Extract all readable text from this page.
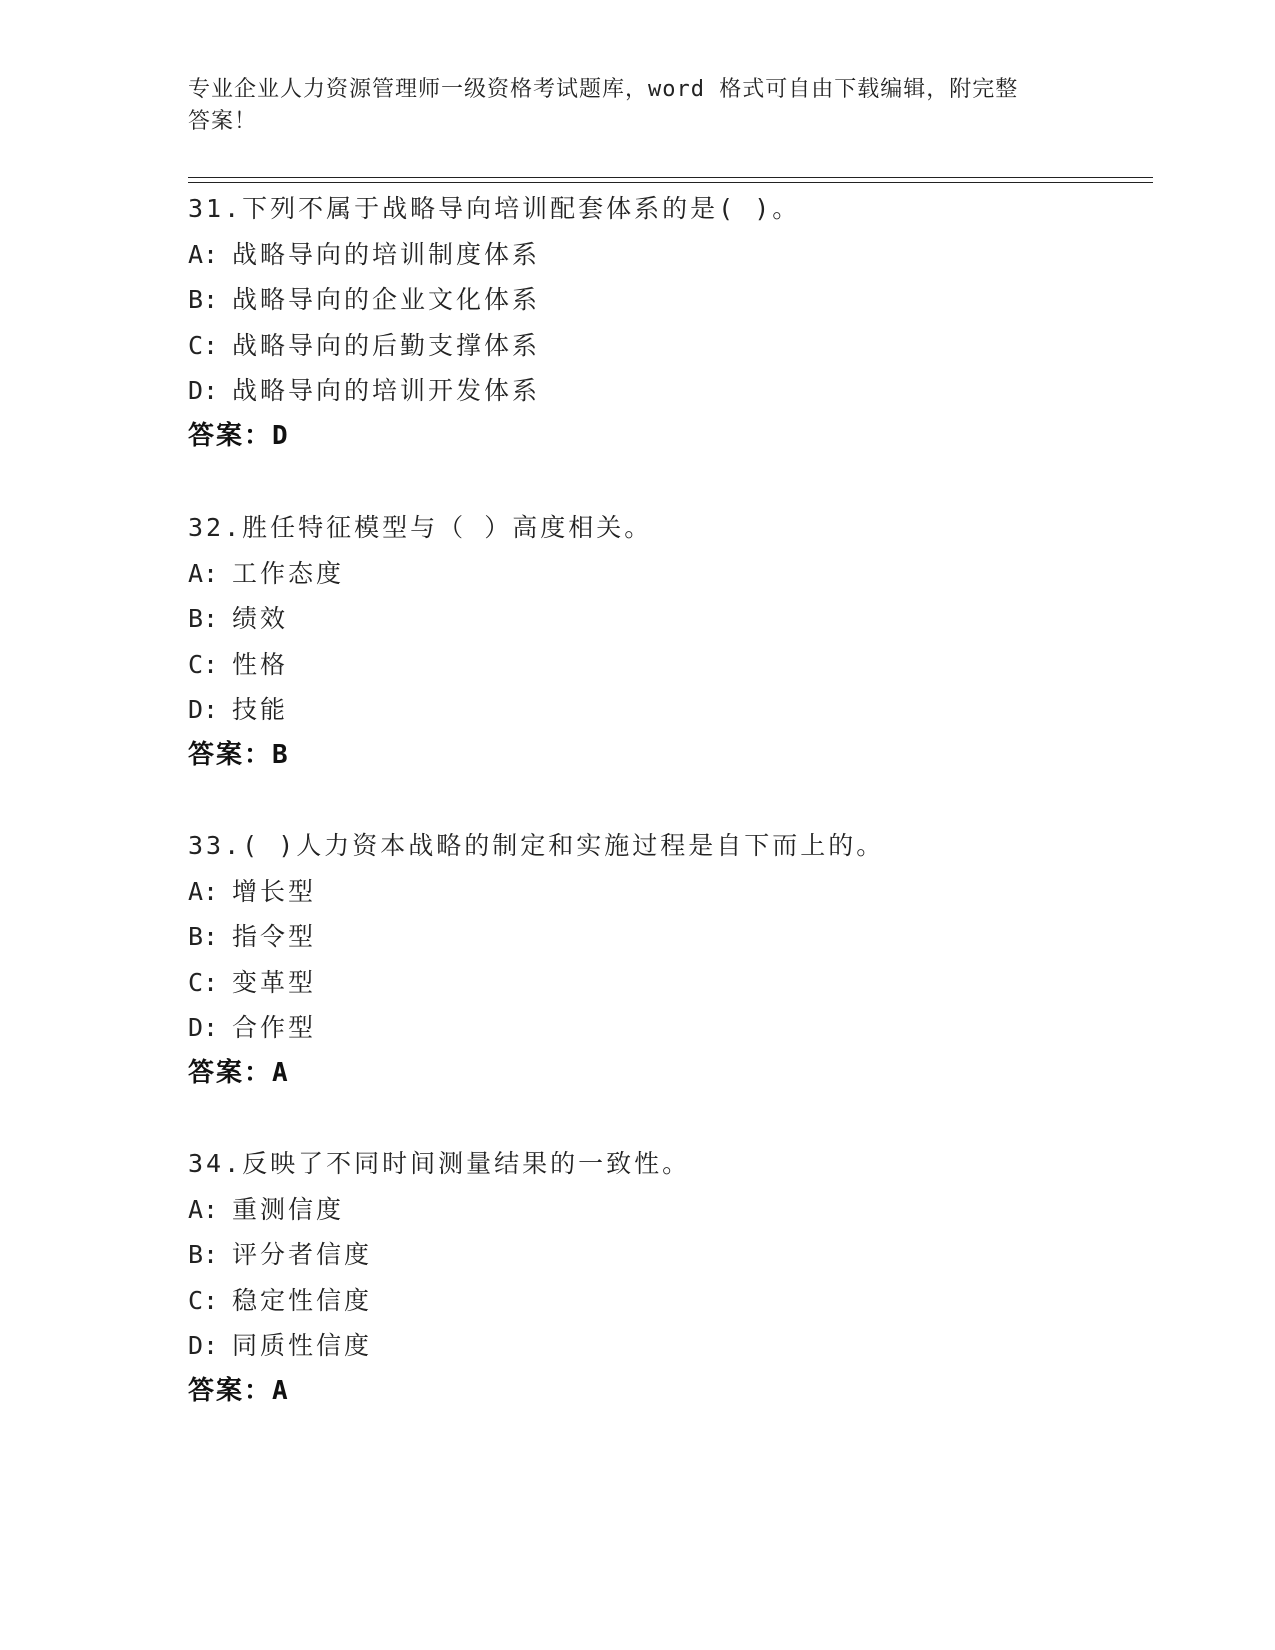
专业企业人力资源管理师一级资格考试题库，word 格式可自由下载编辑，附完整
答案！
31.下列不属于战略导向培训配套体系的是( )。
A: 战略导向的培训制度体系
B: 战略导向的企业文化体系
C: 战略导向的后勤支撑体系
D: 战略导向的培训开发体系
答案：D
32.胜任特征模型与（ ）高度相关。
A: 工作态度
B: 绩效
C: 性格
D: 技能
答案：B
33.( )人力资本战略的制定和实施过程是自下而上的。
A: 增长型
B: 指令型
C: 变革型
D: 合作型
答案：A
34.反映了不同时间测量结果的一致性。
A: 重测信度
B: 评分者信度
C: 稳定性信度
D: 同质性信度
答案：A
